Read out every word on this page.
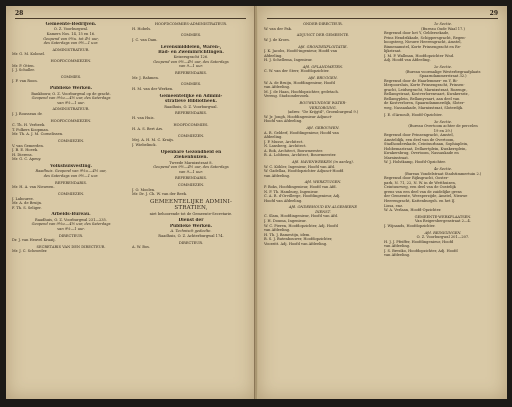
28
Gemeente-Bedrijven.
O. Z. Voorburgwal.
Kamers Nos. 14, 15 en 16.
Geopend van 9½u. tot 4½ uur,
des Saterdags van 9½—1 uur.
ADMINISTRATEUR.
Mr. G. M. Kolonel.
HOOFDCOMMIEZEN.
Mr. P. Otten.
J. J. Schuller.
COMMIES.
J. F. van Roon.
Publieke Werken.
Bankbouw, O. Z. Voorburgwal op de gracht.
Geopend van 9½u.—4½ uur, des Saterdags
van 9½—1 uur.
ADMINISTRATEUR.
J. J. Rousseau dv.
HOOFDCOMMIEZEN.
C. Th. H. Verbeek.
T. Folkers Koopman.
Mr. Th. A. J. M. Cornelissen.
COMMIEZEN.
V. van Gemerden.
J. B. E. Hoeek.
H. Dierens.
Mr. G. C. Apeuy.
Volkshuisvesting.
Raadhuis. Geopend van 9½u.—4½ uur,
des Saterdags van 9½—1 uur.
REFERENDARIS.
Mr. H. A. van Nieuwen.
COMMIEZEN.
J. Labouree.
Mr. A. de Bruijn.
F. Th. S. Seliger.
Arbeids-Bureau.
Raadhuis, O. Z. Voorburgwal 231—235.
Geopend van 9½u.—4½ uur, des Saterdags
van 9½—1 uur.
DIRECTEUR.
Dr. J. van Heuvel Kraaij.
SECRETARIS VAN DEN DIRECTEUR.
Mr. J. C. Schroeder.
HOOFDCOMMIES-ADMINISTRATEUR.
H. Hobels.
COMMIES.
J. C. van Dam.
Levensmiddelen, Waren-,
Bad- en Zweminrichtingen.
Keizersgracht 126.
Geopend van 9½—4½ uur, des Saterdags
van 9—1 uur.
REFERENDARIS.
Mr. J. Rahmen.
COMMIES.
H. M. van der Werken.
Gemeentelijke en Admini-
stratieve Bibliotheek.
Raadhuis, O. Z. Voorburgwal.
REFERENDARIS.
H. van Huis.
HOOFDCOMMIES.
H. A. S. Bert Ars.
COMMIEZEN.
Mej. A. H. M. C. Kraijs.
J. Wiebelinck.
Openbare Gezondheid en
Ziekenhuizen.
Tweede Marnixstraat 8.
Geopend van 9½—4½ uur, des Saterdags
van 9—1 uur.
REFERENDARIS.
COMMIEZEN.
J. O. Moolen.
Mr. Dr. J. Ch. W. van der Beek.
GEMEENTELIJKE ADMINI-
STRATIËN,
niet behoorende tot de Gemeente-Secretarie.
Dienst der
Publieke Werken.
A. Technisch gedeelte.
Raadhuis, O. Z. Achterburgwal 174.
DIRECTEUR.
A. W. Bos.
29
ONDER-DIRECTEUR.
W. van der Pak.
ADJUNCT DER GEMEENTE.
W. J. de Kroes.
Afd. GRONDEXPLOITATIE.
J. K. Jacobs, Hoofd-ingenieur, Hoofd van
Afdeeling.
H. J. Schellema, Ingenieur.
Afd. OPLANDMETEN.
C. W. van der Sterr, Hoofdopzichter.
Afd. BRUGGEN.
W. A. de Bruijn, Hoofdingenieur, Hoofd
van Afdeeling.
M. J. de Haan, Hoofdopzichter, gedetach.
Vereng. Stadsonderzoek.
BOUWKUNDIGE WATER-
VERZORGING.
(adres: "De Krijgtil", Groenburgwal 9.)
W. Jr. Jongh, Hoofdingenieur Adjunct-
Hoofd van Afdeeling.
Afd. GEBOUWEN.
A. R. Gelderf, Hoofdingenieur, Hoofd van
Afdeeling.
J. P. Musse, Architect.
N. Lansberg, Architect.
A. Bok, Architect, Bouwmeester.
B. A. Lobbens, Architect, Bouwmeester.
Afd. HAVENWERKEN (in aanleg).
W. C. Köhler, Ingenieur, Hoofd van Afd.
W. Gadellaa, Hoofdopzichter Adjunct-Hoofd
van Afdeeling.
Afd. WERKTUIGEN.
P. Boks, Hoofdingenieur, Hoofd van Afd.
N. F. Th. Hamburg, Ingenieur.
C. A. R. d'Orvillerge, Hoofdingenieur, Adj.
Hoofd van Afdeeling.
Afd. ONDERHOUD EN ALGEMEENE
DIENST.
C. Slam, Hoofdingenieur, Hoofd van Afd.
J. H. Douma, Ingenieur.
W. C. Pieren, Hoofdopzichter, Adj. Hoofd
van Afdeeling.
H. Th. J. Bamestijn, idem.
B. S. J. Butenbouwer, Hoofdopzichter,
Voorzitt. Adj. Hoofd van Afdeeling.
1e Sectie.
(Bureau Oude Waal 17.)
Begrensd door het Y, Geldersekade,
Prins Hendrikkade, Schippersgracht, Regen-
boogsteeg, Nieuwe Heerengracht, Amstel,
Binnenamstel, Korte Prinsengracht en Re-
lijkstraat.
J. M. P. Wallman, Hoofdopzichter Wnd.
Adj. Hoofd van Afdeeling.
2e Sectie.
(Bureau voormalige Westerbegraafplaats
Spaarndammerstraat 32.)
Begrensd door de Haarlemmer- en Y, Bi-
lderpoorsluis, Korte Prinsengracht, Prinsen-
gracht, Leidsegracht, Marnixstraat, Rozengr.,
Bellamystraat, Kostverlorenvaart, Kwakersstr.,
Bellamyplein, Bellamyvaart, aan deel van
de Kostverloren, Spaarndammerdijk, Sloter-
weg, Nassaukade, Marnixstraat, Sloterdijk.
J. E. d'Arnoult, Hoofd-Opzichter.
3e Sectie.
(Bureau Overtoom achter de percelen
19 en 29.)
Begrensd door Prinsengracht, Amstel,
Amsteldijk, een deel van de Overtoom,
Stadhouderskade, Ceintuurbaan, Sophiaplein,
Hobbemastraat, Dellaertplein, Kwakersplein,
Kwakersbrug, Overtoom, Nassaukade en
Marnixstraat.
W. J. Holstkamp, Hoofd-Opzichter.
4e Sectie.
(Bureau Vondelstraat Stadstimmertuin 2.)
Begrensd door Rijksgracht, Ooster-
park, N. 71, 22, N. W. in de Wetthuizen,
Ceintuurweg, een deel van de Oostelijk
grens van een deel van de zuidelijke grens
der Gemeente, Weesperzijde, Amstel, Nieuwe
Heerengracht, Kattenburgsh. en het IJ.
Lissa, enz.
W. A. Verlaan, Hoofd-Opzichter.
GEMEENTE-WERKPLAATSEN.
Van Reigersbergenstraat 2—4.
J. Wijnands, Hoofdopzichter.
Afd. REINIGINGEN.
O. Z. Voorburgwal 201—207.
H. J. J. Pfeiffer, Hoofdingenieur, Hoofd
van Afdeeling.
J. S. Bresiko, Hoofdopzichter, Adj. Hoofd
van Afdeeling.
